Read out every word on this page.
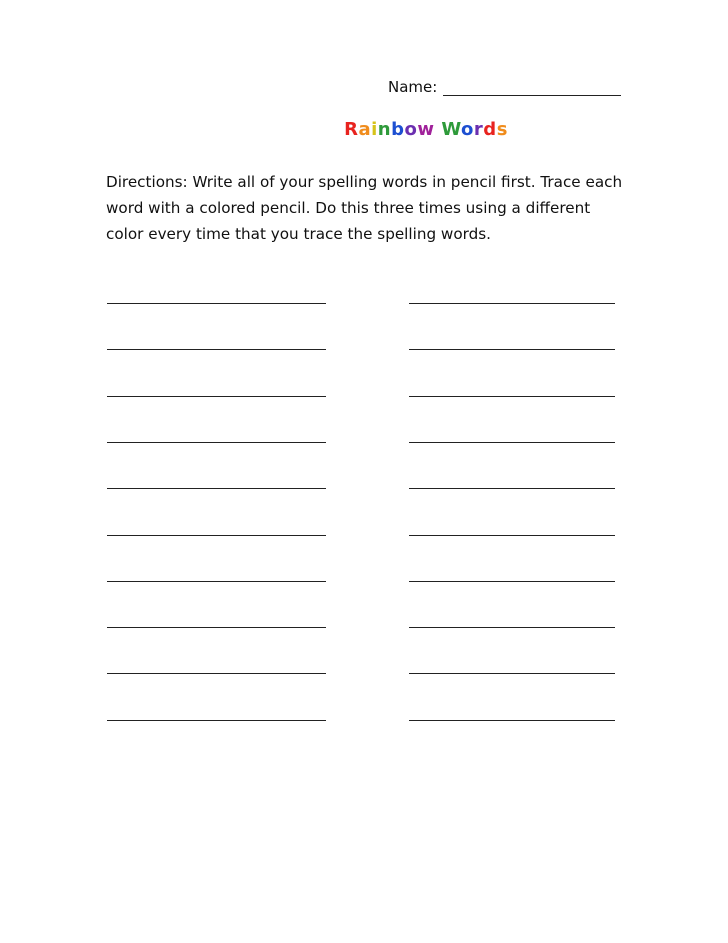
Name:
Rainbow Words
Directions: Write all of your spelling words in pencil first. Trace each word with a colored pencil. Do this three times using a different color every time that you trace the spelling words.
